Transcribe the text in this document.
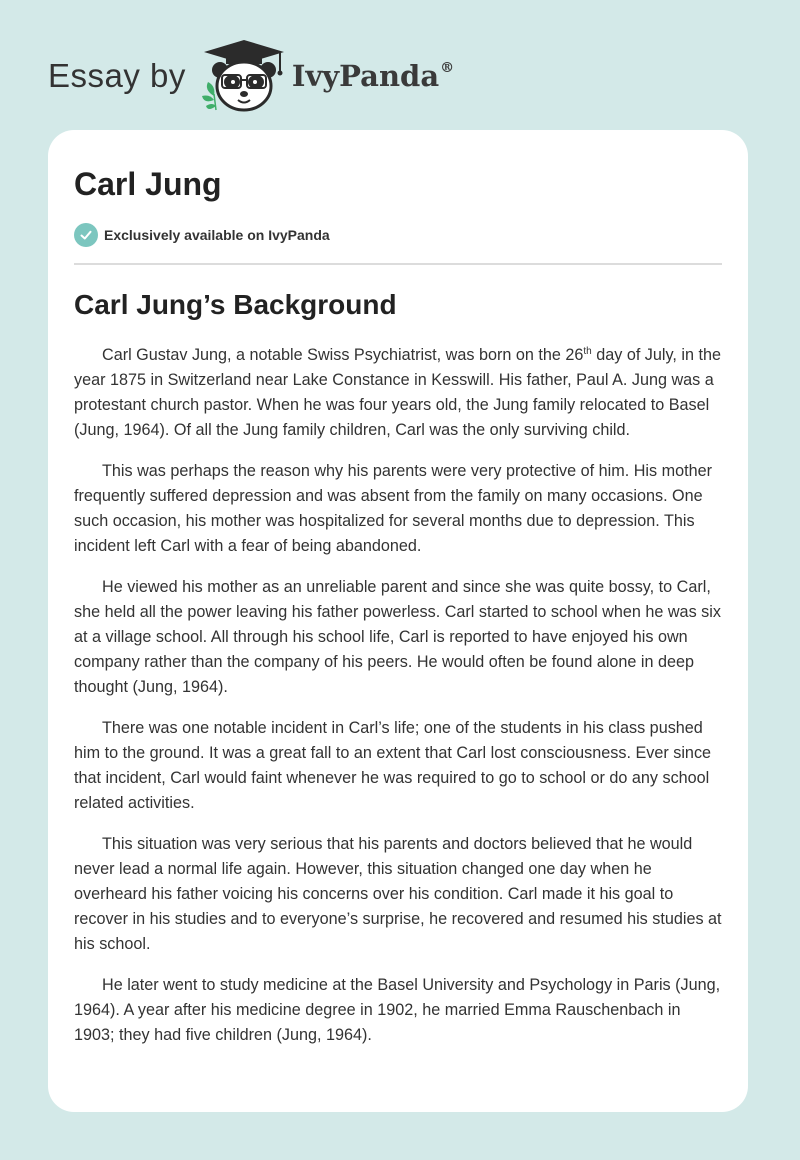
Essay by	IvyPanda®
Carl Jung
Exclusively available on IvyPanda
Carl Jung’s Background

Carl Gustav Jung, a notable Swiss Psychiatrist, was born on the 26th day of July, in the year 1875 in Switzerland near Lake Constance in Kesswill. His father, Paul A. Jung was a protestant church pastor. When he was four years old, the Jung family relocated to Basel (Jung, 1964). Of all the Jung family children, Carl was the only surviving child.

This was perhaps the reason why his parents were very protective of him. His mother frequently suffered depression and was absent from the family on many occasions. One such occasion, his mother was hospitalized for several months due to depression. This incident left Carl with a fear of being abandoned.

He viewed his mother as an unreliable parent and since she was quite bossy, to Carl, she held all the power leaving his father powerless. Carl started to school when he was six at a village school. All through his school life, Carl is reported to have enjoyed his own company rather than the company of his peers. He would often be found alone in deep thought (Jung, 1964).

There was one notable incident in Carl’s life; one of the students in his class pushed him to the ground. It was a great fall to an extent that Carl lost consciousness. Ever since that incident, Carl would faint whenever he was required to go to school or do any school related activities.

This situation was very serious that his parents and doctors believed that he would never lead a normal life again. However, this situation changed one day when he overheard his father voicing his concerns over his condition. Carl made it his goal to recover in his studies and to everyone’s surprise, he recovered and resumed his studies at his school.

He later went to study medicine at the Basel University and Psychology in Paris (Jung, 1964). A year after his medicine degree in 1902, he married Emma Rauschenbach in 1903; they had five children (Jung, 1964).
